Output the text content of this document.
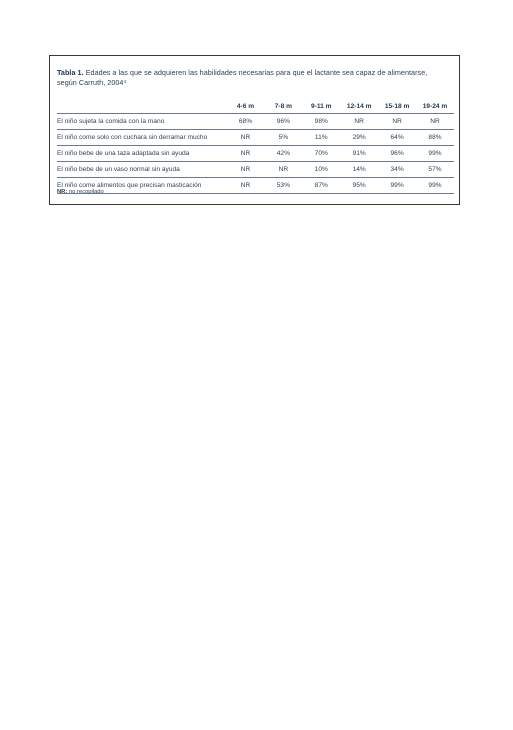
Tabla 1. Edades a las que se adquieren las habilidades necesarias para que el lactante sea capaz de alimentarse,
según Carruth, 2004$^4$
	4-6 m	7-8 m	9-11 m	12-14 m	15-18 m	19-24 m
El niño sujeta la comida con la mano	68%	96%	98%	NR	NR	NR
El niño come solo con cuchara sin derramar mucho	NR	5%	11%	29%	64%	88%
El niño bebe de una taza adaptada sin ayuda	NR	42%	70%	91%	96%	99%
El niño bebe de un vaso normal sin ayuda	NR	NR	10%	14%	34%	57%
El niño come alimentos que precisan masticación	NR	53%	87%	95%	99%	99%
NR: no recopilado
